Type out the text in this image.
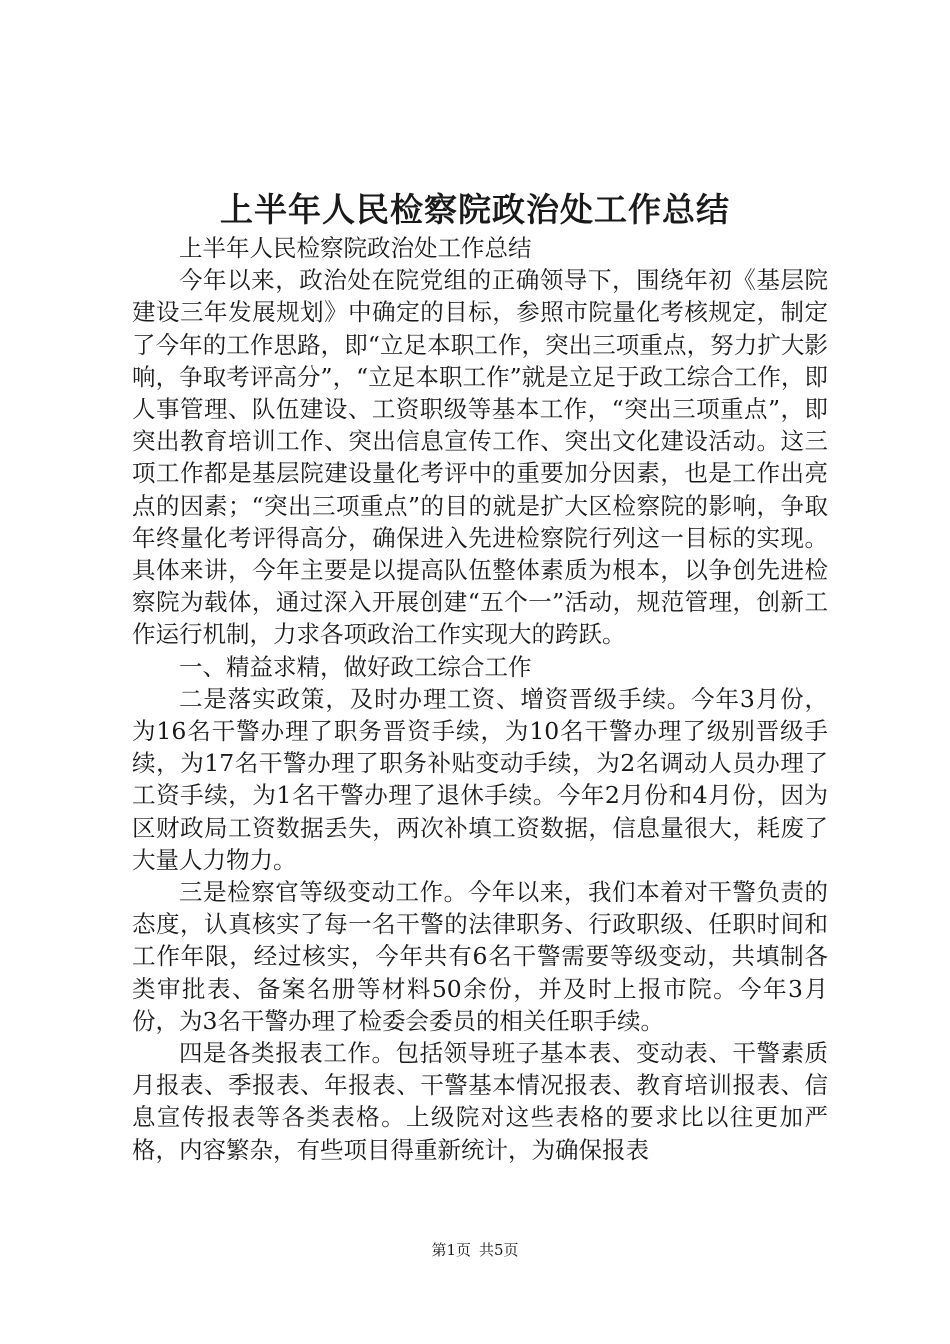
上半年人民检察院政治处工作总结

上半年人民检察院政治处工作总结

今年以来，政治处在院党组的正确领导下，围绕年初《基层院建设三年发展规划》中确定的目标，参照市院量化考核规定，制定了今年的工作思路，即“立足本职工作，突出三项重点，努力扩大影响，争取考评高分”，“立足本职工作”就是立足于政工综合工作，即人事管理、队伍建设、工资职级等基本工作，“突出三项重点”，即突出教育培训工作、突出信息宣传工作、突出文化建设活动。这三项工作都是基层院建设量化考评中的重要加分因素，也是工作出亮点的因素；“突出三项重点”的目的就是扩大区检察院的影响，争取年终量化考评得高分，确保进入先进检察院行列这一目标的实现。具体来讲，今年主要是以提高队伍整体素质为根本，以争创先进检察院为载体，通过深入开展创建“五个一”活动，规范管理，创新工作运行机制，力求各项政治工作实现大的跨跃。

一、精益求精，做好政工综合工作

二是落实政策，及时办理工资、增资晋级手续。今年3月份，为16名干警办理了职务晋资手续，为10名干警办理了级别晋级手续，为17名干警办理了职务补贴变动手续，为2名调动人员办理了工资手续，为1名干警办理了退休手续。今年2月份和4月份，因为区财政局工资数据丢失，两次补填工资数据，信息量很大，耗废了大量人力物力。

三是检察官等级变动工作。今年以来，我们本着对干警负责的态度，认真核实了每一名干警的法律职务、行政职级、任职时间和工作年限，经过核实，今年共有6名干警需要等级变动，共填制各类审批表、备案名册等材料50余份，并及时上报市院。今年3月份，为3名干警办理了检委会委员的相关任职手续。

四是各类报表工作。包括领导班子基本表、变动表、干警素质月报表、季报表、年报表、干警基本情况报表、教育培训报表、信息宣传报表等各类表格。上级院对这些表格的要求比以往更加严格，内容繁杂，有些项目得重新统计，为确保报表

第1页 共5页
